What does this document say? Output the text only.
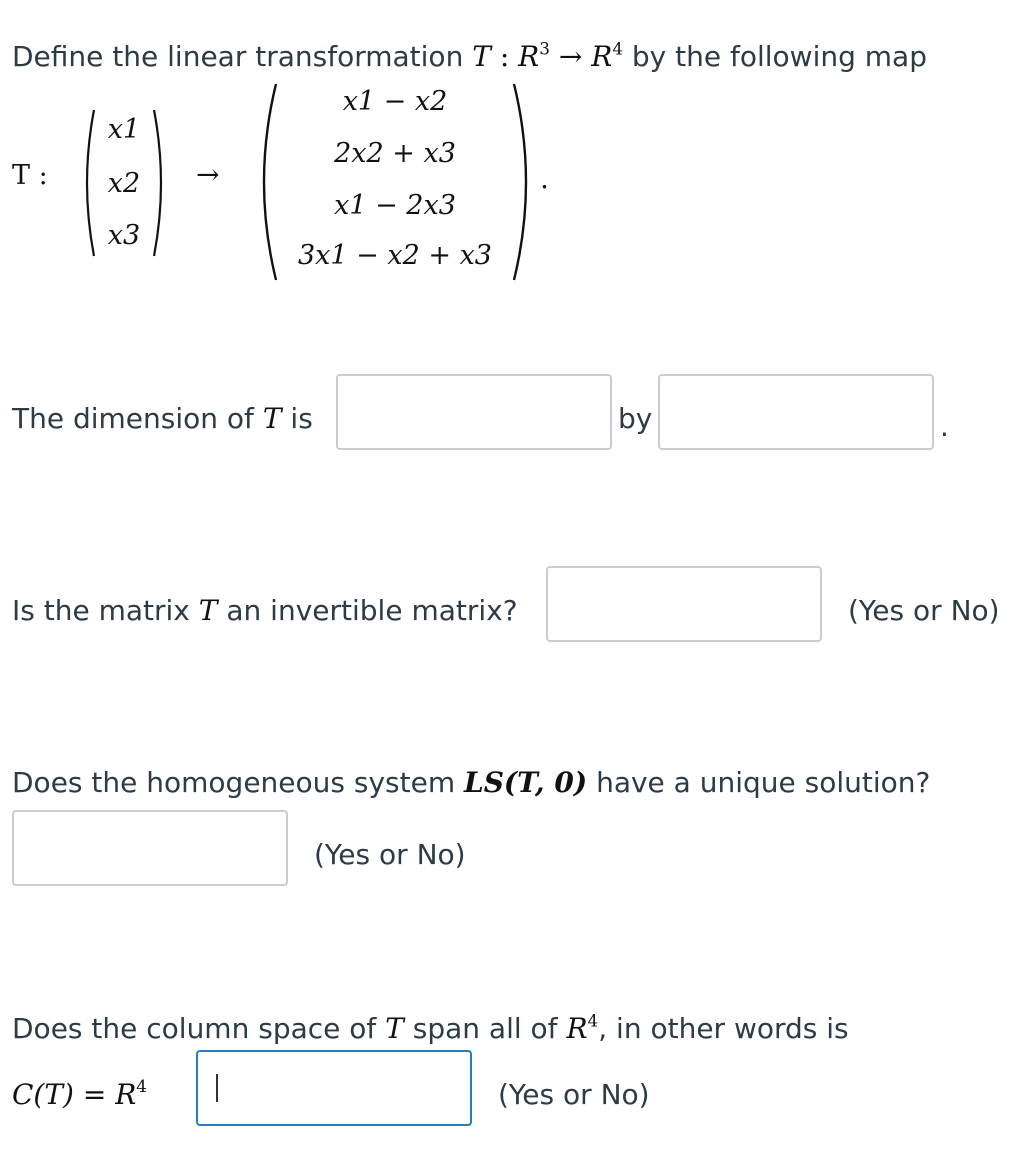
Define the linear transformation T : $R^3 \to R^4$ by the following map
T :
x1
x2
x3
→
x1 − x2
2x2 + x3
x1 − 2x3
3x1 − x2 + x3
.
The dimension of T is	by	.
Is the matrix T an invertible matrix?	(Yes or No)
Does the homogeneous system LS(T, 0) have a unique solution?
(Yes or No)
Does the column space of T span all of $R^4$, in other words is
$C(T) = R^4$	(Yes or No)
